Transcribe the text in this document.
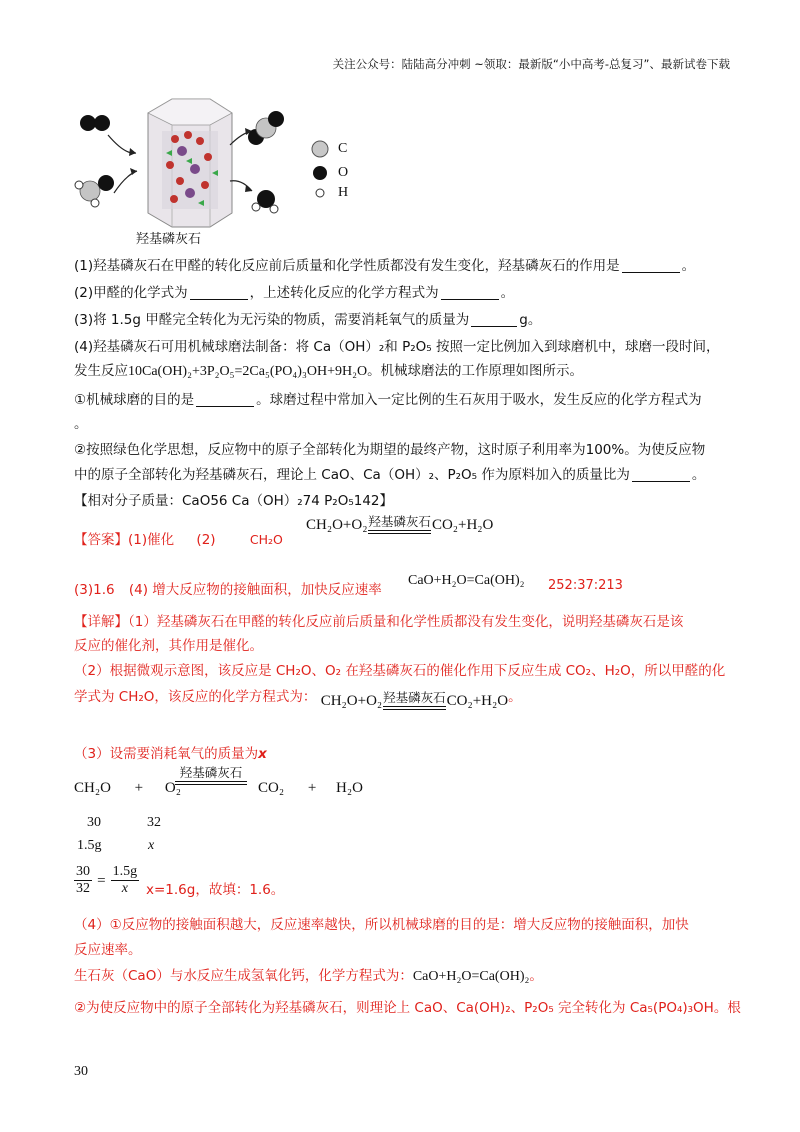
关注公众号：陆陆高分冲刺 ~领取：最新版“小中高考-总复习”、最新试卷下载
C
O
H
羟基磷灰石
(1)羟基磷灰石在甲醛的转化反应前后质量和化学性质都没有发生变化，羟基磷灰石的作用是	。
(2)甲醛的化学式为	，上述转化反应的化学方程式为	。
(3)将 1.5g 甲醛完全转化为无污染的物质，需要消耗氧气的质量为	g。
(4)羟基磷灰石可用机械球磨法制备：将 Ca（OH）₂和 P₂O₅ 按照一定比例加入到球磨机中，球磨一段时间，
发生反应10Ca(OH)₂+3P₂O₅=2Ca₅(PO₄)₃OH+9H₂O。机械球磨法的工作原理如图所示。
①机械球磨的目的是	。球磨过程中常加入一定比例的生石灰用于吸水，发生反应的化学方程式为
。
②按照绿色化学思想，反应物中的原子全部转化为期望的最终产物，这时原子利用率为100%。为使反应物
中的原子全部转化为羟基磷灰石，理论上 CaO、Ca（OH）₂、P₂O₅ 作为原料加入的质量比为	。
【相对分子质量：CaO56 Ca（OH）₂74 P₂O₅142】
【答案】(1)催化 (2)	CH₂O
CH₂O+O₂ 羟基磷灰石 CO₂+H₂O
(3)1.6 (4) 增大反应物的接触面积，加快反应速率
CaO+H₂O=Ca(OH)₂ 252:37:213
【详解】（1）羟基磷灰石在甲醛的转化反应前后质量和化学性质都没有发生变化，说明羟基磷灰石是该
反应的催化剂，其作用是催化。
（2）根据微观示意图，该反应是 CH₂O、O₂ 在羟基磷灰石的催化作用下反应生成 CO₂、H₂O，所以甲醛的化
学式为 CH₂O，该反应的化学方程式为： CH₂O+O₂ 羟基磷灰石 CO₂+H₂O。
（3）设需要消耗氧气的质量为x
CH₂O + O₂
羟基磷灰石
CO₂ + H₂O
30	32
1.5g	x
$\frac{30}{32} = \frac{1.5g}{x} x=1.6g$，故填：1.6。
（4）①反应物的接触面积越大，反应速率越快，所以机械球磨的目的是：增大反应物的接触面积，加快
反应速率。
生石灰（CaO）与水反应生成氢氧化钙，化学方程式为：CaO+H₂O=Ca(OH)₂。
②为使反应物中的原子全部转化为羟基磷灰石，则理论上 CaO、Ca(OH)₂、P₂O₅ 完全转化为 Ca₅(PO₄)₃OH。根
30
